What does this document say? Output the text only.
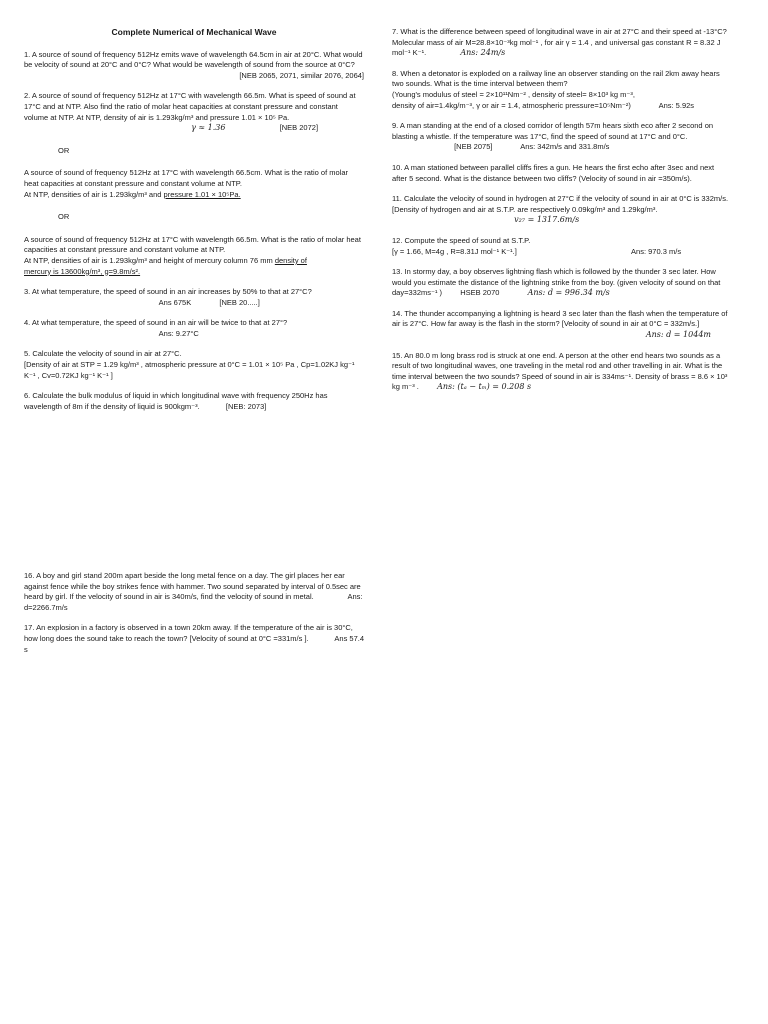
Complete Numerical of Mechanical Wave

1. A source of sound of frequency 512Hz emits wave of wavelength 64.5cm in air at 20°C. What would be velocity of sound at 20°C and 0°C? What would be wavelength of sound from the source at 0°C?

[NEB 2065, 2071, similar 2076, 2064]

2. A source of sound of frequency 512Hz at 17°C with wavelength 66.5m. What is speed of sound at 17°C and at NTP. Also find the ratio of molar heat capacities at constant pressure and constant volume at NTP. At NTP, density of air is 1.293kg/m³ and pressure 1.01 × 10⁵ Pa.

γ ≈ 1.36	[NEB 2072]

OR

A source of sound of frequency 512Hz at 17°C with wavelength 66.5cm. What is the ratio of molar heat capacities at constant pressure and constant volume at NTP.

At NTP, densities of air is 1.293kg/m³ and pressure 1.01 × 10⁵Pa.

OR

A source of sound of frequency 512Hz at 17°C with wavelength 66.5m. What is the ratio of molar heat capacities at constant pressure and constant volume at NTP.

At NTP, densities of air is 1.293kg/m³ and height of mercury column 76 mm density of

mercury is 13600kg/m³, g=9.8m/s².

3. At what temperature, the speed of sound in an air increases by 50% to that at 27°C?

Ans 675K	[NEB 20.....]

4. At what temperature, the speed of sound in an air will be twice to that at 27°?

Ans: 9.27°C

5. Calculate the velocity of sound in air at 27°C.

[Density of air at STP = 1.29 kg/m³ , atmospheric pressure at 0°C = 1.01 × 10⁵ Pa , Cp=1.02KJ kg⁻¹ K⁻¹ , Cv=0.72KJ kg⁻¹ K⁻¹ ]

6. Calculate the bulk modulus of liquid in which longitudinal wave with frequency 250Hz has wavelength of 8m if the density of liquid is 900kgm⁻³.	[NEB: 2073]

16. A boy and girl stand 200m apart beside the long metal fence on a day. The girl places her ear against fence while the boy strikes fence with hammer. Two sound separated by interval of 0.5sec are heard by girl. If the velocity of sound in air is 340m/s, find the velocity of sound in metal.	Ans: d=2266.7m/s

17. An explosion in a factory is observed in a town 20km away. If the temperature of the air is 30°C, how long does the sound take to reach the town? [Velocity of sound at 0°C =331m/s ].	Ans 57.4 s

7. What is the difference between speed of longitudinal wave in air at 27°C and their speed at -13°C? Molecular mass of air M=28.8×10⁻³kg mol⁻¹ , for air γ = 1.4 , and universal gas constant R = 8.32 J mol⁻¹ K⁻¹.	Ans: 24m/s

8. When a detonator is exploded on a railway line an observer standing on the rail 2km away hears two sounds. What is the time interval between them?

(Young's modulus of steel = 2×10¹¹Nm⁻² , density of steel= 8×10³ kg m⁻³,

density of air=1.4kg/m⁻³, γ or air = 1.4, atmospheric pressure=10⁵Nm⁻²)	Ans: 5.92s

9. A man standing at the end of a closed corridor of length 57m hears sixth eco after 2 second on blasting a whistle. If the temperature was 17°C, find the speed of sound at 17°C and 0°C.  [NEB 2075]	Ans: 342m/s and 331.8m/s

10. A man stationed between parallel cliffs fires a gun. He hears the first echo after 3sec and next after 5 second. What is the distance between two cliffs? (Velocity of sound in air =350m/s).

11. Calculate the velocity of sound in hydrogen at 27°C if the velocity of sound in air at 0°C is 332m/s. [Density of hydrogen and air at S.T.P. are respectively 0.09kg/m³ and 1.29kg/m³.  v₂₇ = 1317.6m/s

12. Compute the speed of sound at S.T.P.

[γ = 1.66, M=4g , R=8.31J mol⁻¹ K⁻¹.]	Ans: 970.3 m/s

13. In stormy day, a boy observes lightning flash which is followed by the thunder 3 sec later. How would you estimate the distance of the lightning strike from the boy. (given velocity of sound on that day=332ms⁻¹ ) HSEB 2070	Ans: d = 996.34 m/s

14. The thunder accompanying a lightning is heard 3 sec later than the flash when the temperature of air is 27°C. How far away is the flash in the storm? [Velocity of sound in air at 0°C = 332m/s.]

Ans: d = 1044m

15. An 80.0 m long brass rod is struck at one end. A person at the other end hears two sounds as a result of two longitudinal waves, one traveling in the metal rod and other travelling in air. What is the time interval between the two sounds? Speed of sound in air is 334ms⁻¹. Density of brass = 8.6 × 10³ kg m⁻³ . Ans: (tₐ − tₘ) = 0.208 s
